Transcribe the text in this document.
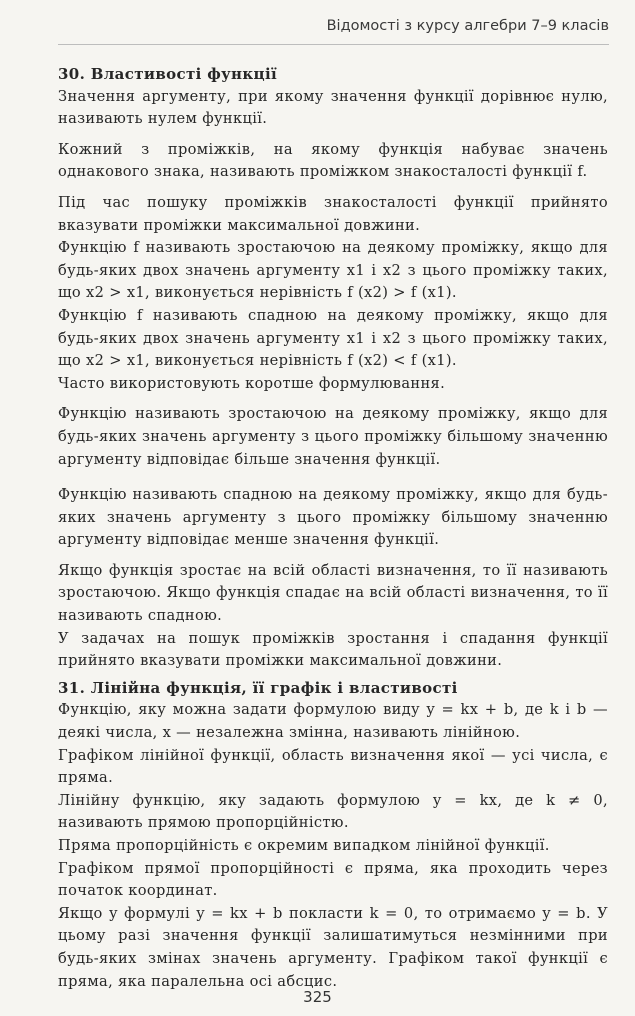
Відомості з курсу алгебри 7–9 класів

30. Властивості функції

Значення аргументу, при якому значення функції дорівнює нулю, називають нулем функції.

Кожний з проміжків, на якому функція набуває значень однакового знака, називають проміжком знакосталості функції f.

Під час пошуку проміжків знакосталості функції прийнято вказувати проміжки максимальної довжини.

Функцію f називають зростаючою на деякому проміжку, якщо для будь-яких двох значень аргументу x1 і x2 з цього проміжку таких, що x2 > x1, виконується нерівність f (x2) > f (x1).

Функцію f називають спадною на деякому проміжку, якщо для будь-яких двох значень аргументу x1 і x2 з цього проміжку таких, що x2 > x1, виконується нерівність f (x2) < f (x1).

Часто використовують коротше формулювання.

Функцію називають зростаючою на деякому проміжку, якщо для будь-яких значень аргументу з цього проміжку більшому значенню аргументу відповідає більше значення функції.

Функцію називають спадною на деякому проміжку, якщо для будь-яких значень аргументу з цього проміжку більшому значенню аргументу відповідає менше значення функції.

Якщо функція зростає на всій області визначення, то її називають зростаючою. Якщо функція спадає на всій області визначення, то її називають спадною.

У задачах на пошук проміжків зростання і спадання функції прийнято вказувати проміжки максимальної довжини.

31. Лінійна функція, її графік і властивості

Функцію, яку можна задати формулою виду y = kx + b, де k і b — деякі числа, x — незалежна змінна, називають лінійною.

Графіком лінійної функції, область визначення якої — усі числа, є пряма.

Лінійну функцію, яку задають формулою y = kx, де k ≠ 0, називають прямою пропорційністю.

Пряма пропорційність є окремим випадком лінійної функції.

Графіком прямої пропорційності є пряма, яка проходить через початок координат.

Якщо у формулі y = kx + b покласти k = 0, то отримаємо y = b. У цьому разі значення функції залишатимуться незмінними при будь-яких змінах значень аргументу. Графіком такої функції є пряма, яка паралельна осі абсцис.

325
